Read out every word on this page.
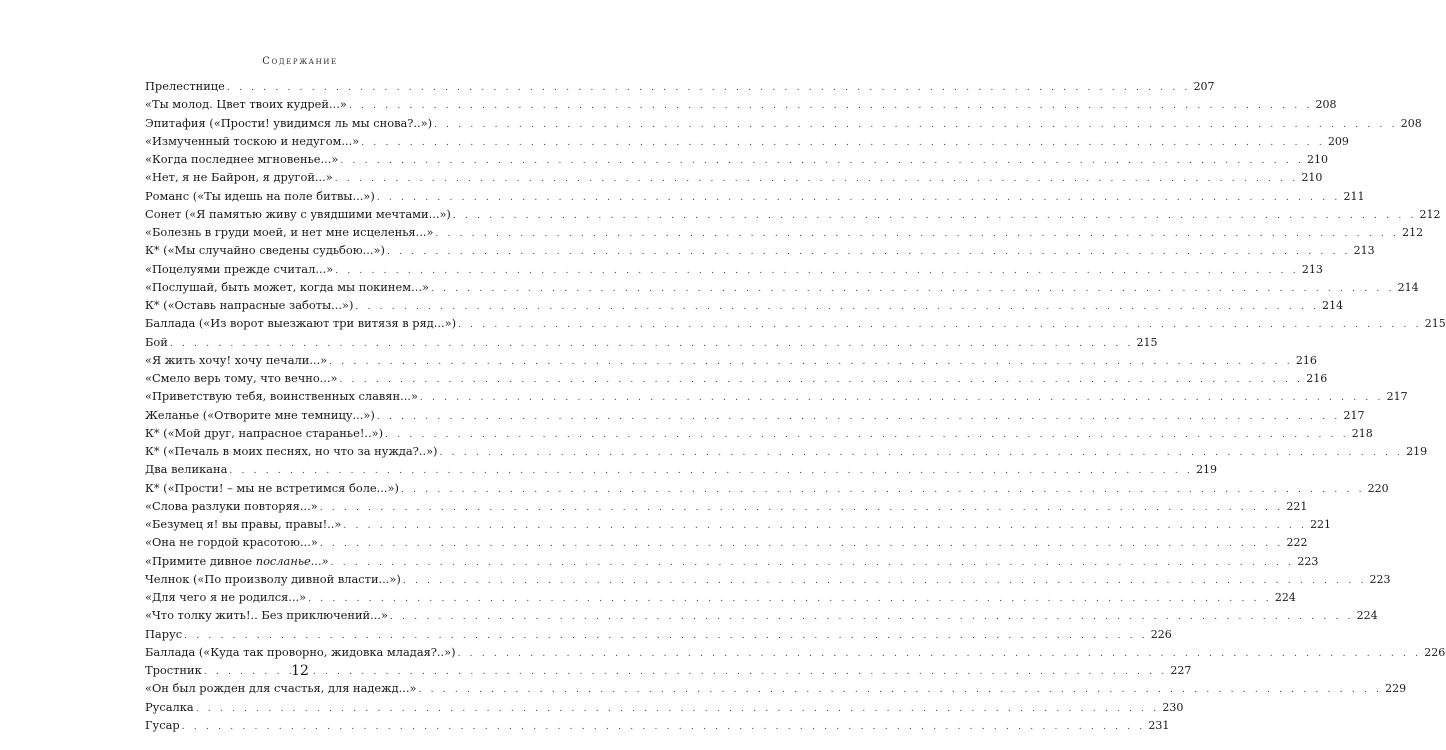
Содержание
Прелестнице . . .	207
«Ты молод. Цвет твоих кудрей...» . . .	208
Эпитафия («Прости! увидимся ль мы снова?..») . . .	208
«Измученный тоскою и недугом...» . . .	209
«Когда последнее мгновенье...» . . .	210
«Нет, я не Байрон, я другой...» . . .	210
Романс («Ты идешь на поле битвы...») . . .	211
Сонет («Я памятью живу с увядшими мечтами...») . . .	212
«Болезнь в груди моей, и нет мне исцеленья...» . . .	212
К* («Мы случайно сведены судьбою...») . . .	213
«Поцелуями прежде считал...» . . .	213
«Послушай, быть может, когда мы покинем...» . . .	214
К* («Оставь напрасные заботы...») . . .	214
Баллада («Из ворот выезжают три витязя в ряд...») . . .	215
Бой . . .	215
«Я жить хочу! хочу печали...» . . .	216
«Смело верь тому, что вечно...» . . .	216
«Приветствую тебя, воинственных славян...» . . .	217
Желанье («Отворите мне темницу...») . . .	217
К* («Мой друг, напрасное старанье!..») . . .	218
К* («Печаль в моих песнях, но что за нужда?..») . . .	219
Два великана . . .	219
К* («Прости! – мы не встретимся боле...») . . .	220
«Слова разлуки повторяя...» . . .	221
«Безумец я! вы правы, правы!..» . . .	221
«Она не гордой красотою...» . . .	222
«Примите дивное посланье...» . . .	223
Челнок («По произволу дивной власти...») . . .	223
«Для чего я не родился...» . . .	224
«Что толку жить!.. Без приключений...» . . .	224
Парус . . .	226
Баллада («Куда так проворно, жидовка младая?..») . . .	226
Тростник . . .	227
«Он был рожден для счастья, для надежд...» . . .	229
Русалка . . .	230
Гусар . . .	231
12
